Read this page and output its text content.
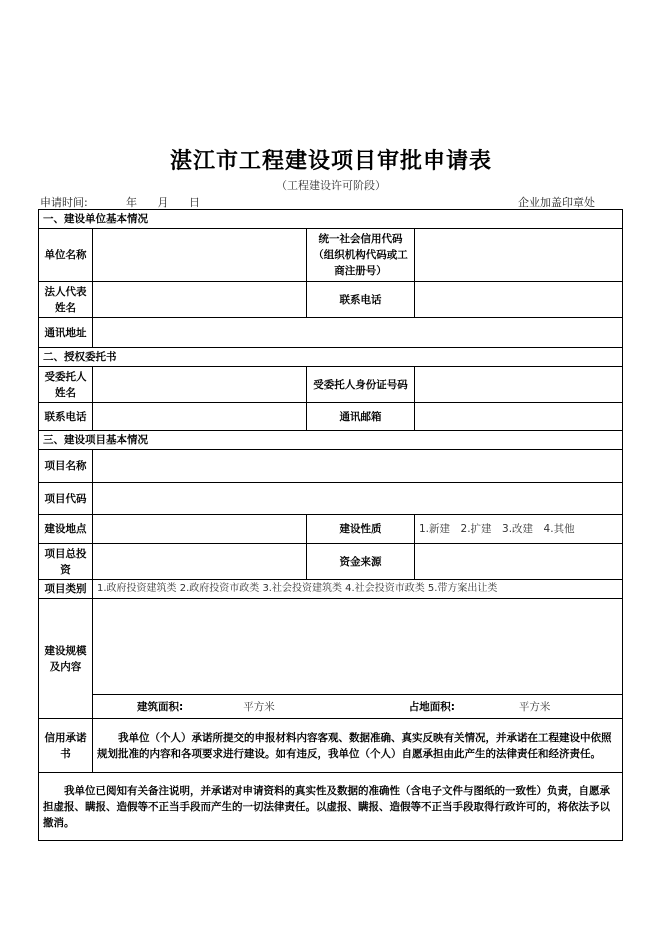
湛江市工程建设项目审批申请表
（工程建设许可阶段）
申请时间:	年 月 日	企业加盖印章处
一、建设单位基本情况			
单位名称		统一社会信用代码（组织机构代码或工商注册号）	
法人代表姓名		联系电话	
通讯地址			
二、授权委托书			
受委托人姓名		受委托人身份证号码	
联系电话		通讯邮箱	
三、建设项目基本情况			
项目名称			
项目代码			
建设地点		建设性质	1.新建　2.扩建　3.改建　4.其他
项目总投资		资金来源	
项目类别	1.政府投资建筑类 2.政府投资市政类 3.社会投资建筑类 4.社会投资市政类 5.带方案出让类		
建设规模及内容			
	建筑面积: 平方米 占地面积: 平方米		
信用承诺书	我单位（个人）承诺所提交的申报材料内容客观、数据准确、真实反映有关情况，并承诺在工程建设中依照规划批准的内容和各项要求进行建设。如有违反，我单位（个人）自愿承担由此产生的法律责任和经济责任。		
我单位已阅知有关备注说明，并承诺对申请资料的真实性及数据的准确性（含电子文件与图纸的一致性）负责，自愿承担虚报、瞒报、造假等不正当手段而产生的一切法律责任。以虚报、瞒报、造假等不正当手段取得行政许可的，将依法予以撤消。			
